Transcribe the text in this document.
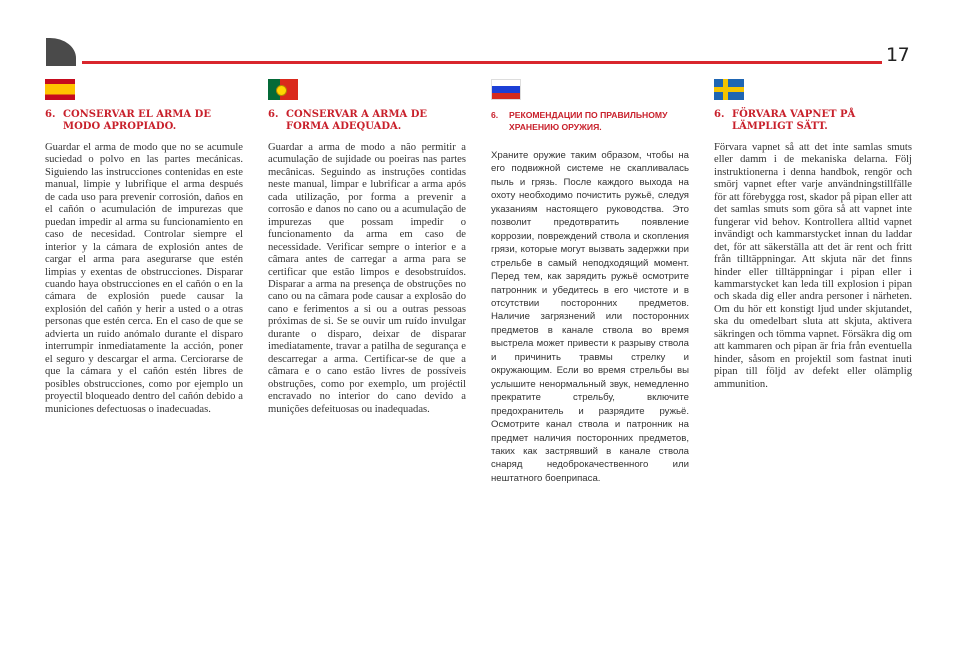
17
6. CONSERVAR EL ARMA DE MODO APROPIADO.
Guardar el arma de modo que no se acumule suciedad o polvo en las partes mecánicas. Siguiendo las instrucciones contenidas en este manual, limpie y lubrifique el arma después de cada uso para prevenir corrosión, daños en el cañón o acumulación de impurezas que puedan impedir al arma su funcionamiento en caso de necesidad. Controlar siempre el interior y la cámara de explosión antes de cargar el arma para asegurarse que estén limpias y exentas de obstrucciones. Disparar cuando haya obstrucciones en el cañón o en la cámara de explosión puede causar la explosión del cañón y herir a usted o a otras personas que estén cerca. En el caso de que se advierta un ruido anómalo durante el disparo interrumpir inmediatamente la acción, poner el seguro y descargar el arma. Cerciorarse de que la cámara y el cañón estén libres de posibles obstrucciones, como por ejemplo un proyectil bloqueado dentro del cañón debido a municiones defectuosas o inadecuadas.
6. CONSERVAR A ARMA DE FORMA ADEQUADA.
Guardar a arma de modo a não permitir a acumulação de sujidade ou poeiras nas partes mecânicas. Seguindo as instruções contidas neste manual, limpar e lubrificar a arma após cada utilização, por forma a prevenir a corrosão e danos no cano ou a acumulação de impurezas que possam impedir o funcionamento da arma em caso de necessidade. Verificar sempre o interior e a câmara antes de carregar a arma para se certificar que estão limpos e desobstruídos. Disparar a arma na presença de obstruções no cano ou na câmara pode causar a explosão do cano e ferimentos a si ou a outras pessoas próximas de si. Se se ouvir um ruído invulgar durante o disparo, deixar de disparar imediatamente, travar a patilha de segurança e descarregar a arma. Certificar-se de que a câmara e o cano estão livres de possíveis obstruções, como por exemplo, um projéctil encravado no interior do cano devido a munições defeituosas ou inadequadas.
6.	РЕКОМЕНДАЦИИ ПО ПРАВИЛЬНОМУ ХРАНЕНИЮ ОРУЖИЯ.
Храните оружие таким образом, чтобы на его подвижной системе не скапливалась пыль и грязь. После каждого выхода на охоту необходимо почистить ружьё, следуя указаниям настоящего руководства. Это позволит предотвратить появление коррозии, повреждений ствола и скопления грязи, которые могут вызвать задержки при стрельбе в самый неподходящий момент. Перед тем, как зарядить ружьё осмотрите патронник и убедитесь в его чистоте и в отсутствии посторонних предметов. Наличие загрязнений или посторонних предметов в канале ствола во время выстрела может привести к разрыву ствола и причинить травмы стрелку и окружающим. Если во время стрельбы вы услышите ненормальный звук, немедленно прекратите стрельбу, включите предохранитель и разрядите ружьё. Осмотрите канал ствола и патронник на предмет наличия посторонних предметов, таких как застрявший в канале ствола снаряд недоброкачественного или нештатного боеприпаса.
6. FÖRVARA VAPNET PÅ LÄMPLIGT SÄTT.
Förvara vapnet så att det inte samlas smuts eller damm i de mekaniska delarna. Följ instruktionerna i denna handbok, rengör och smörj vapnet efter varje användningstillfälle för att förebygga rost, skador på pipan eller att det samlas smuts som göra så att vapnet inte fungerar vid behov. Kontrollera alltid vapnet invändigt och kammarstycket innan du laddar det, för att säkerställa att det är rent och fritt från tilltäppningar. Att skjuta när det finns hinder eller tilltäppningar i pipan eller i kammarstycket kan leda till explosion i pipan och skada dig eller andra personer i närheten. Om du hör ett konstigt ljud under skjutandet, ska du omedelbart sluta att skjuta, aktivera säkringen och tömma vapnet. Försäkra dig om att kammaren och pipan är fria från eventuella hinder, såsom en projektil som fastnat inuti pipan till följd av defekt eller olämplig ammunition.
